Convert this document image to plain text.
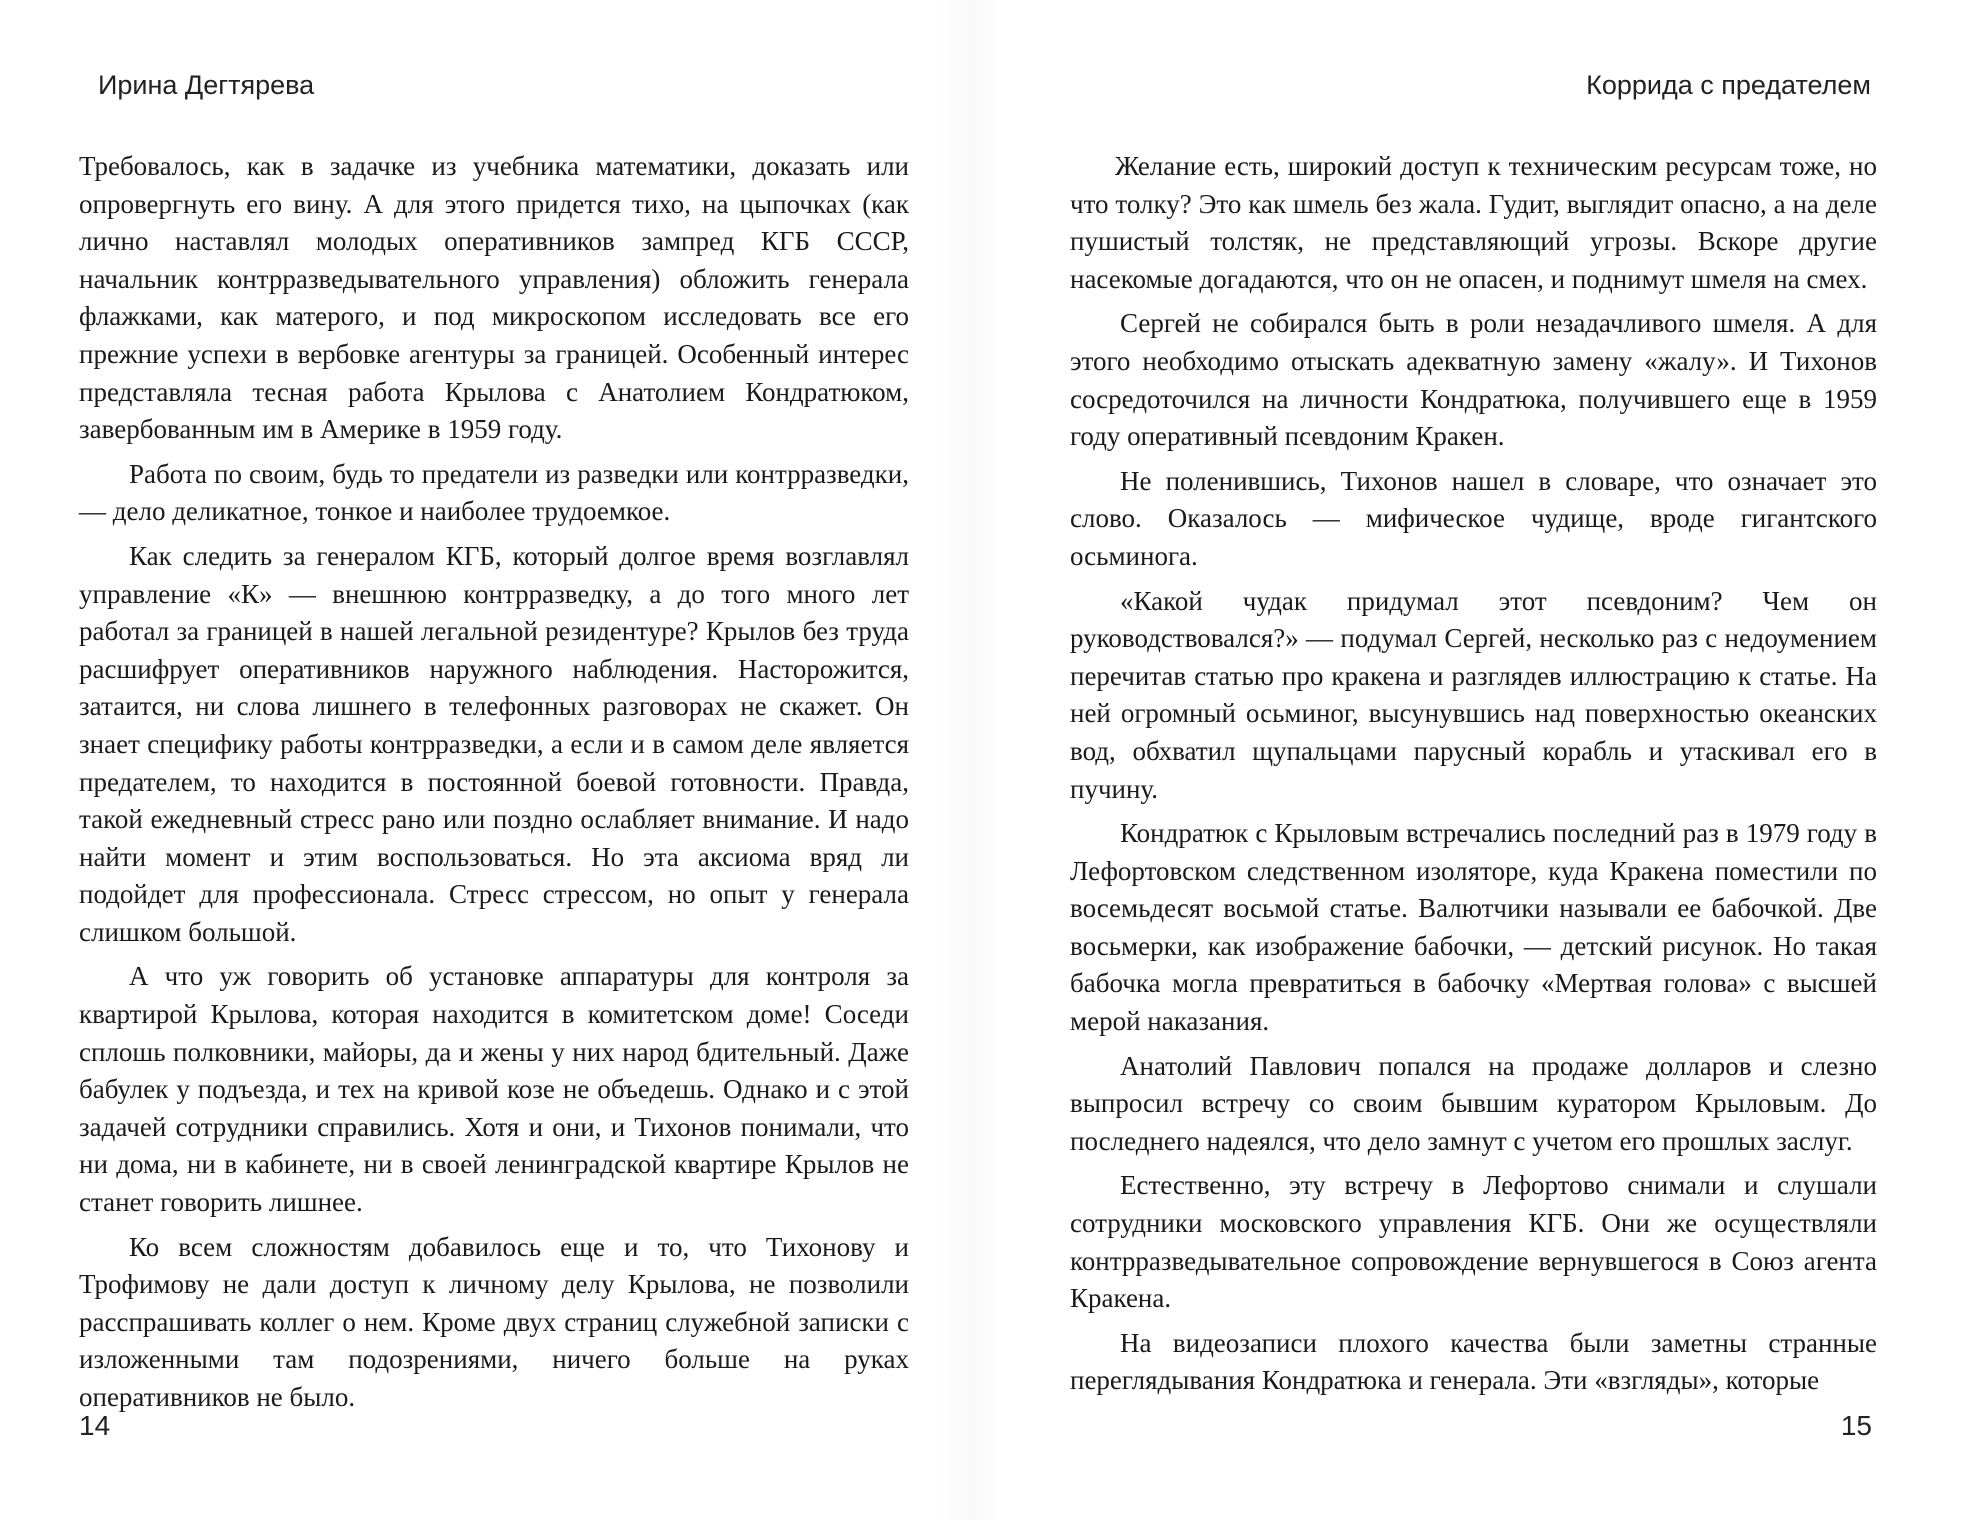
Ирина Дегтярева

Требовалось, как в задачке из учебника математики, доказать или опровергнуть его вину. А для этого придется тихо, на цыпочках (как лично наставлял молодых оперативников зампред КГБ СССР, начальник контрразведывательного управления) обложить генерала флажками, как матерого, и под микроскопом исследовать все его прежние успехи в вербовке агентуры за границей. Особенный интерес представляла тесная работа Крылова с Анатолием Кондратюком, завербованным им в Америке в 1959 году.

Работа по своим, будь то предатели из разведки или контрразведки, — дело деликатное, тонкое и наиболее трудоемкое.

Как следить за генералом КГБ, который долгое время возглавлял управление «К» — внешнюю контрразведку, а до того много лет работал за границей в нашей легальной резидентуре? Крылов без труда расшифрует оперативников наружного наблюдения. Насторожится, затаится, ни слова лишнего в телефонных разговорах не скажет. Он знает специфику работы контрразведки, а если и в самом деле является предателем, то находится в постоянной боевой готовности. Правда, такой ежедневный стресс рано или поздно ослабляет внимание. И надо найти момент и этим воспользоваться. Но эта аксиома вряд ли подойдет для профессионала. Стресс стрессом, но опыт у генерала слишком большой.

А что уж говорить об установке аппаратуры для контроля за квартирой Крылова, которая находится в комитетском доме! Соседи сплошь полковники, майоры, да и жены у них народ бдительный. Даже бабулек у подъезда, и тех на кривой козе не объедешь. Однако и с этой задачей сотрудники справились. Хотя и они, и Тихонов понимали, что ни дома, ни в кабинете, ни в своей ленинградской квартире Крылов не станет говорить лишнее.

Ко всем сложностям добавилось еще и то, что Тихонову и Трофимову не дали доступ к личному делу Крылова, не позволили расспрашивать коллег о нем. Кроме двух страниц служебной записки с изложенными там подозрениями, ничего больше на руках оперативников не было.

14
Коррида с предателем

Желание есть, широкий доступ к техническим ресурсам тоже, но что толку? Это как шмель без жала. Гудит, выглядит опасно, а на деле пушистый толстяк, не представляющий угрозы. Вскоре другие насекомые догадаются, что он не опасен, и поднимут шмеля на смех.

Сергей не собирался быть в роли незадачливого шмеля. А для этого необходимо отыскать адекватную замену «жалу». И Тихонов сосредоточился на личности Кондратюка, получившего еще в 1959 году оперативный псевдоним Кракен.

Не поленившись, Тихонов нашел в словаре, что означает это слово. Оказалось — мифическое чудище, вроде гигантского осьминога.

«Какой чудак придумал этот псевдоним? Чем он руководствовался?» — подумал Сергей, несколько раз с недоумением перечитав статью про кракена и разглядев иллюстрацию к статье. На ней огромный осьминог, высунувшись над поверхностью океанских вод, обхватил щупальцами парусный корабль и утаскивал его в пучину.

Кондратюк с Крыловым встречались последний раз в 1979 году в Лефортовском следственном изоляторе, куда Кракена поместили по восемьдесят восьмой статье. Валютчики называли ее бабочкой. Две восьмерки, как изображение бабочки, — детский рисунок. Но такая бабочка могла превратиться в бабочку «Мертвая голова» с высшей мерой наказания.

Анатолий Павлович попался на продаже долларов и слезно выпросил встречу со своим бывшим куратором Крыловым. До последнего надеялся, что дело замнут с учетом его прошлых заслуг.

Естественно, эту встречу в Лефортово снимали и слушали сотрудники московского управления КГБ. Они же осуществляли контрразведывательное сопровождение вернувшегося в Союз агента Кракена.

На видеозаписи плохого качества были заметны странные переглядывания Кондратюка и генерала. Эти «взгляды», которые

15
